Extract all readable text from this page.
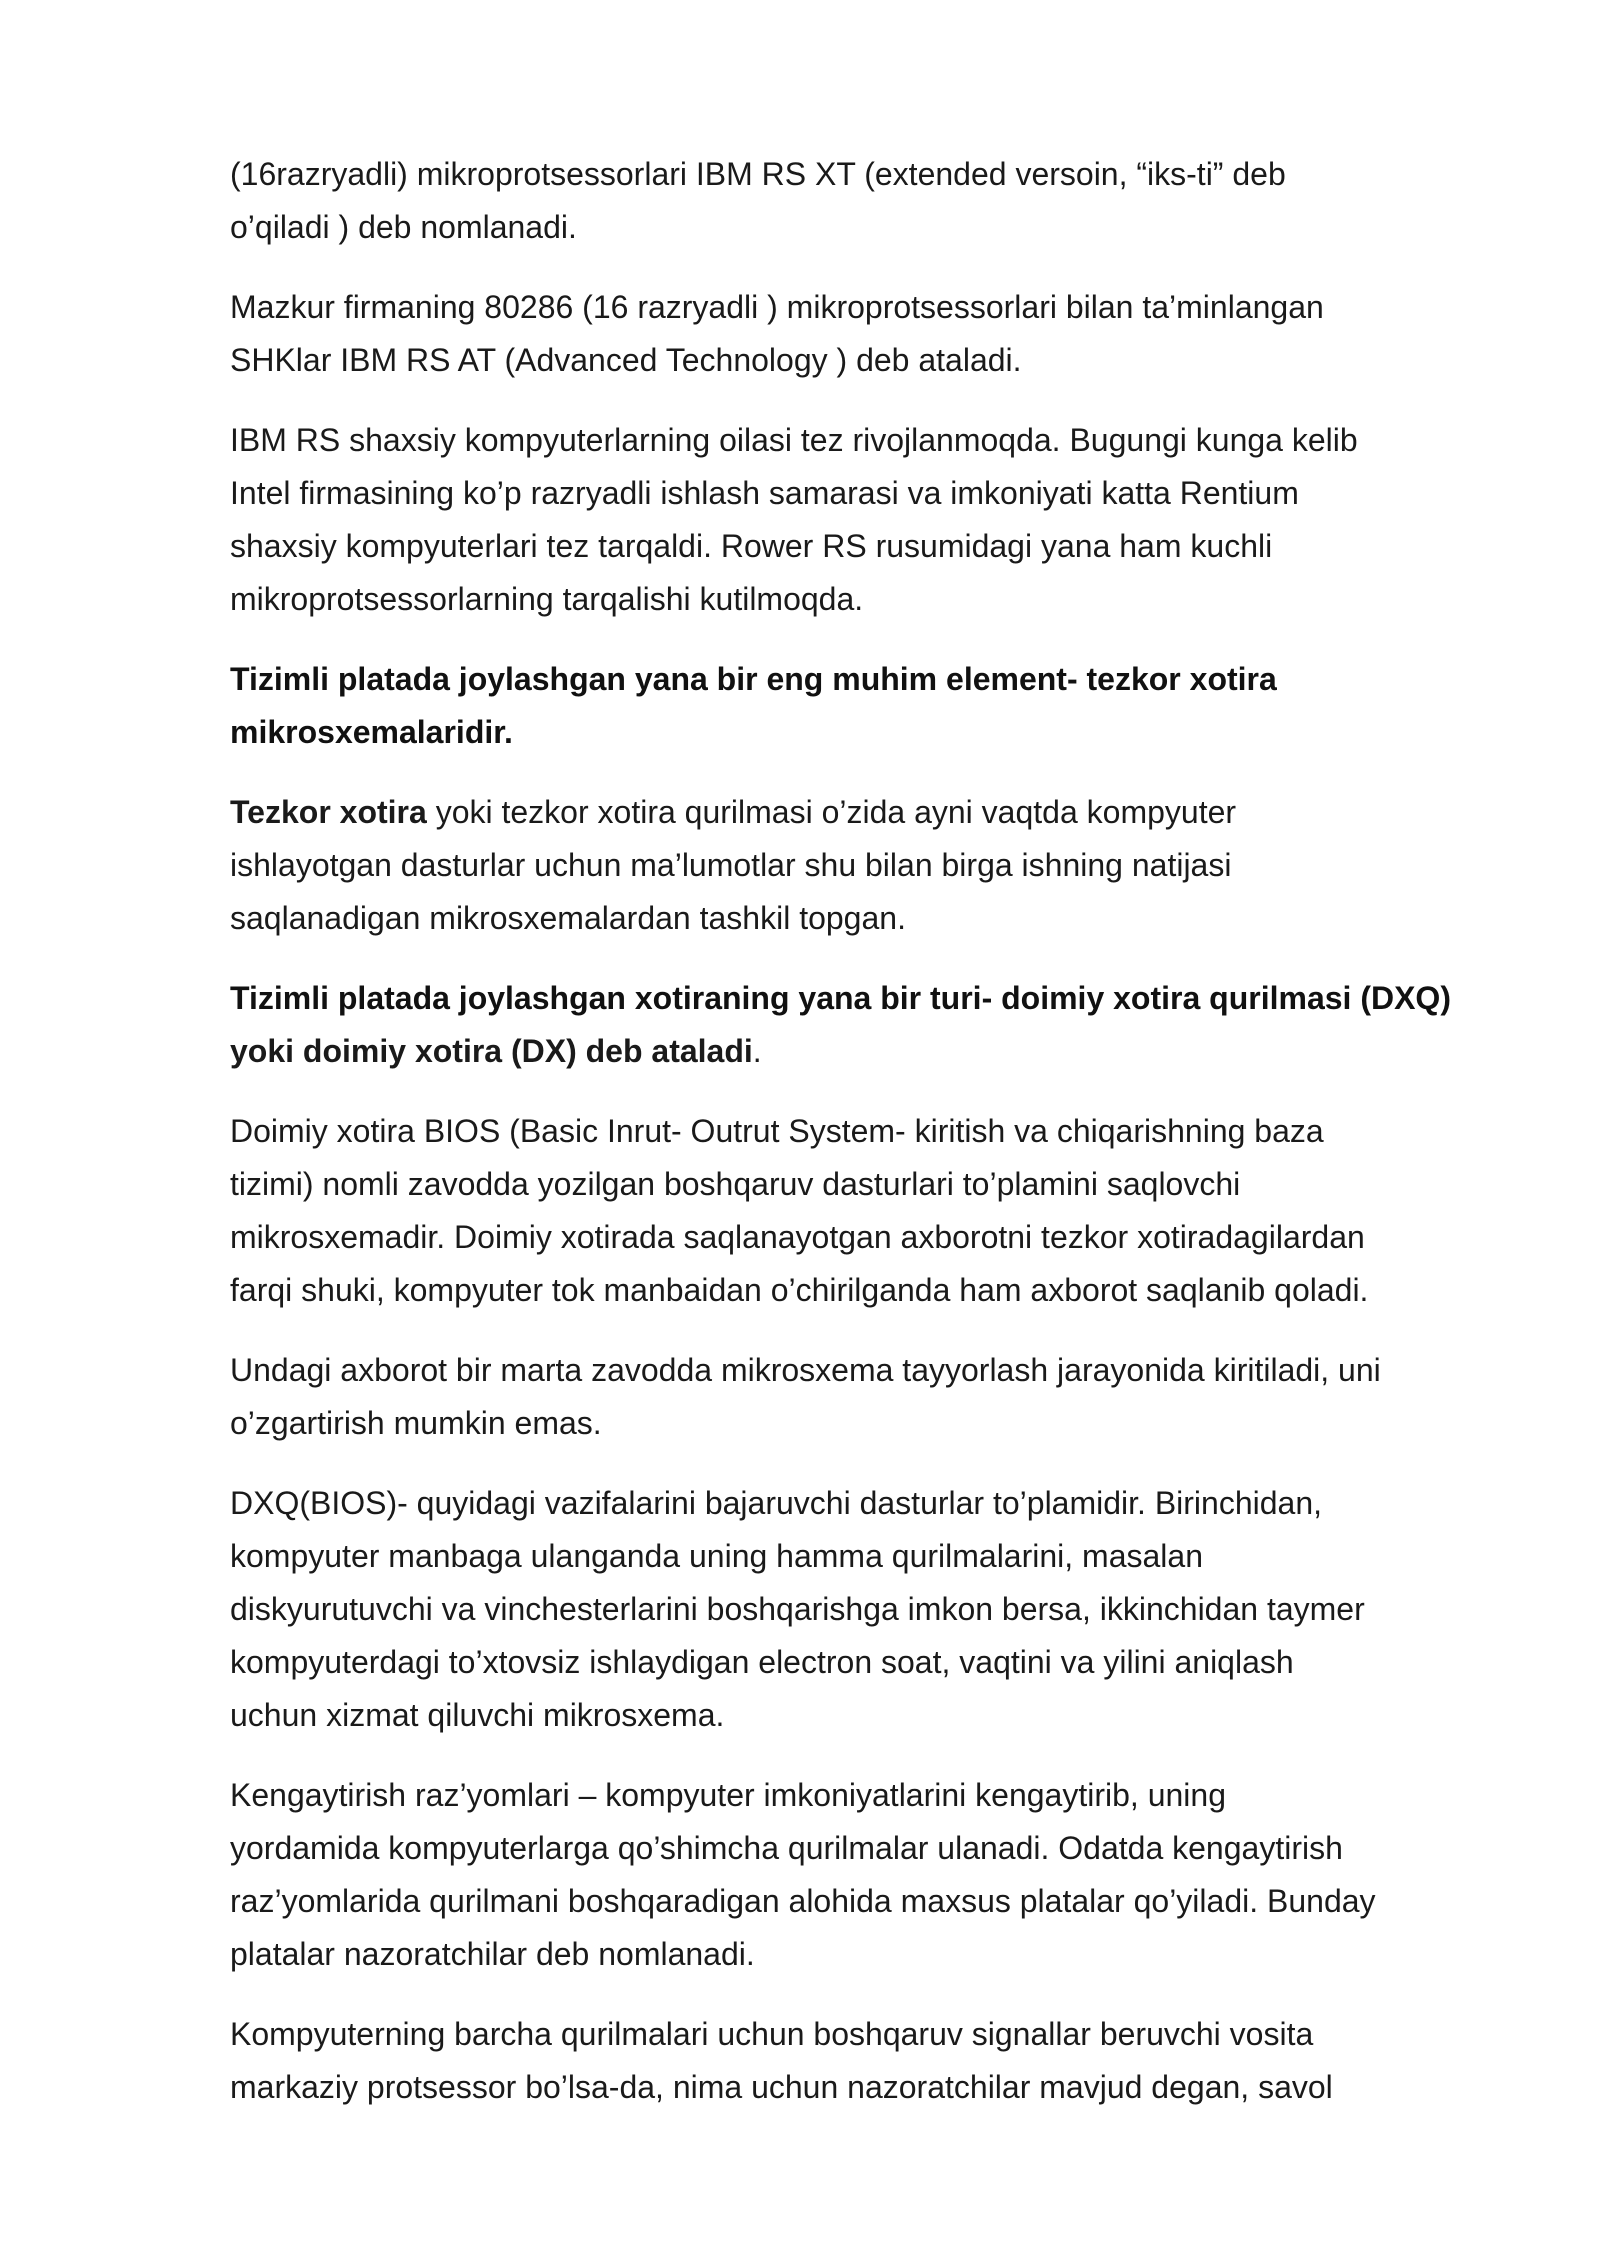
(16razryadli) mikroprotsessorlari IBM RS XT (extended versoin, “iks-ti” deb
o’qiladi ) deb nomlanadi.

Mazkur firmaning 80286 (16 razryadli ) mikroprotsessorlari bilan ta’minlangan
SHKlar IBM RS AT (Advanced Technology ) deb ataladi.

IBM RS shaxsiy kompyuterlarning oilasi tez rivojlanmoqda. Bugungi kunga kelib
Intel firmasining ko’p razryadli ishlash samarasi va imkoniyati katta Rentium
shaxsiy kompyuterlari tez tarqaldi. Rower RS rusumidagi yana ham kuchli
mikroprotsessorlarning tarqalishi kutilmoqda.

Tizimli platada joylashgan yana bir eng muhim element- tezkor xotira
mikrosxemalaridir.

Tezkor xotira yoki tezkor xotira qurilmasi o’zida ayni vaqtda kompyuter
ishlayotgan dasturlar uchun ma’lumotlar shu bilan birga ishning natijasi
saqlanadigan mikrosxemalardan tashkil topgan.

Tizimli platada joylashgan xotiraning yana bir turi- doimiy xotira qurilmasi (DXQ)
yoki doimiy xotira (DX) deb ataladi.

Doimiy xotira BIOS (Basic Inrut- Outrut System- kiritish va chiqarishning baza
tizimi) nomli zavodda yozilgan boshqaruv dasturlari to’plamini saqlovchi
mikrosxemadir. Doimiy xotirada saqlanayotgan axborotni tezkor xotiradagilardan
farqi shuki, kompyuter tok manbaidan o’chirilganda ham axborot saqlanib qoladi.

Undagi axborot bir marta zavodda mikrosxema tayyorlash jarayonida kiritiladi, uni
o’zgartirish mumkin emas.

DXQ(BIOS)- quyidagi vazifalarini bajaruvchi dasturlar to’plamidir. Birinchidan,
kompyuter manbaga ulanganda uning hamma qurilmalarini, masalan
diskyurutuvchi va vinchesterlarini boshqarishga imkon bersa, ikkinchidan taymer
kompyuterdagi to’xtovsiz ishlaydigan electron soat, vaqtini va yilini aniqlash
uchun xizmat qiluvchi mikrosxema.

Kengaytirish raz’yomlari – kompyuter imkoniyatlarini kengaytirib, uning
yordamida kompyuterlarga qo’shimcha qurilmalar ulanadi. Odatda kengaytirish
raz’yomlarida qurilmani boshqaradigan alohida maxsus platalar qo’yiladi. Bunday
platalar nazoratchilar deb nomlanadi.

Kompyuterning barcha qurilmalari uchun boshqaruv signallar beruvchi vosita
markaziy protsessor bo’lsa-da, nima uchun nazoratchilar mavjud degan, savol
